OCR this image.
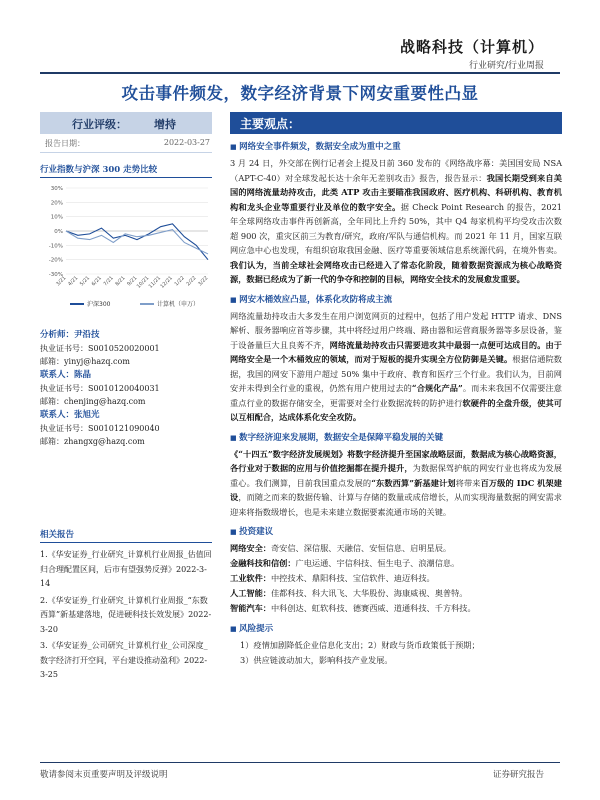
战略科技（计算机）
行业研究/行业周报
攻击事件频发，数字经济背景下网安重要性凸显
行业评级： 增持
报告日期：	2022-03-27
行业指数与沪深 300 走势比较
30%
20%
10%
0%
-10%
-20%
-30%
3/21 4/21 5/21 6/21 7/21 8/21 9/21
10/21
11/21
12/21 1/22 2/22 3/22
沪深300	计算机（申万）
分析师：尹沿技
执业证书号：S0010520020001
邮箱：yinyj@hazq.com
联系人：陈晶
执业证书号：S0010120040031
邮箱：chenjing@hazq.com
联系人：张旭光
执业证书号：S0010121090040
邮箱：zhangxg@hazq.com
相关报告
1.《华安证券_行业研究_计算机行业周报_估值回归合理配置区间，后市有望强势反弹》2022-3-14
2.《华安证券_行业研究_计算机行业周报_“东数西算”新基建落地，促进硬科技长效发展》2022-3-20
3.《华安证券_公司研究_计算机行业_公司深度_数字经济打开空间，平台建设推动盈利》2022-3-25
主要观点：
■ 网络安全事件频发，数据安全成为重中之重
3 月 24 日，外交部在例行记者会上提及日前 360 发布的《网络战序幕：美国国安局 NSA（APT-C-40）对全球发起长达十余年无差别攻击》报告，报告显示：我国长期受到来自美国的网络流量劫持攻击，此类 ATP 攻击主要瞄准我国政府、医疗机构、科研机构、教育机构和龙头企业等重要行业及单位的数字安全。据 Check Point Research 的报告，2021 年全球网络攻击事件再创新高，全年同比上升约 50%，其中 Q4 每家机构平均受攻击次数超 900 次，重灾区前三为教育/研究，政府/军队与通信机构。而 2021 年 11 月，国家互联网应急中心也发现，有组织窃取我国金融、医疗等重要领域信息系统源代码，在境外售卖。我们认为，当前全球社会网络攻击已经进入了常态化阶段，随着数据资源成为核心战略资源，数据已经成为了新一代的争夺和控制的目标，网络安全技术的发展愈发重要。
■ 网安木桶效应凸显，体系化攻防将成主流
网络流量劫持攻击大多发生在用户浏览网页的过程中，包括了用户发起 HTTP 请求、DNS 解析、服务器响应首等步骤，其中将经过用户终端、路由器和运营商服务器等多层设备，鉴于设备量巨大且良莠不齐，网络流量劫持攻击只需要进攻其中最弱一点便可达成目的。由于网络安全是一个木桶效应的领域，而对于短板的提升实现全方位防御是关键。根据信通院数据，我国的网安下游用户超过 50% 集中于政府、教育和医疗三个行业。我们认为，目前网安并未得到全行业的重视，仍然有用户使用过去的“合规化产品”。而未来我国不仅需要注意重点行业的数据存储安全，更需要对全行业数据流转的防护进行软硬件的全盘升级，使其可以互相配合，达成体系化安全攻防。
■ 数字经济迎来发展期，数据安全是保障平稳发展的关键
《“十四五”数字经济发展规划》将数字经济提升至国家战略层面，数据成为核心战略资源，各行业对于数据的应用与价值挖掘都在提升提升，为数据保驾护航的网安行业也将成为发展重心。我们测算，目前我国重点发展的“东数西算”新基建计划将带来百万级的 IDC 机架建设，而随之而来的数据传输、计算与存储的数量或成倍增长，从而实现海量数据的网安需求迎来将指数级增长，也是未来建立数据要素流通市场的关键。
■ 投资建议
网络安全：奇安信、深信服、天融信、安恒信息、启明星辰。
金融科技和信创：广电运通、宇信科技、恒生电子、浪潮信息。
工业软件：中控技术、鼎阳科技、宝信软件、迪迈科技。
人工智能：佳都科技、科大讯飞、大华股份、海康威视、奥普特。
智能汽车：中科创达、虹软科技、德赛西威、道通科技、千方科技。
■ 风险提示
1）疫情加剧降低企业信息化支出；2）财政与货币政策低于预期；
3）供应链波动加大，影响科技产业发展。
敬请参阅末页重要声明及评级说明	证券研究报告
